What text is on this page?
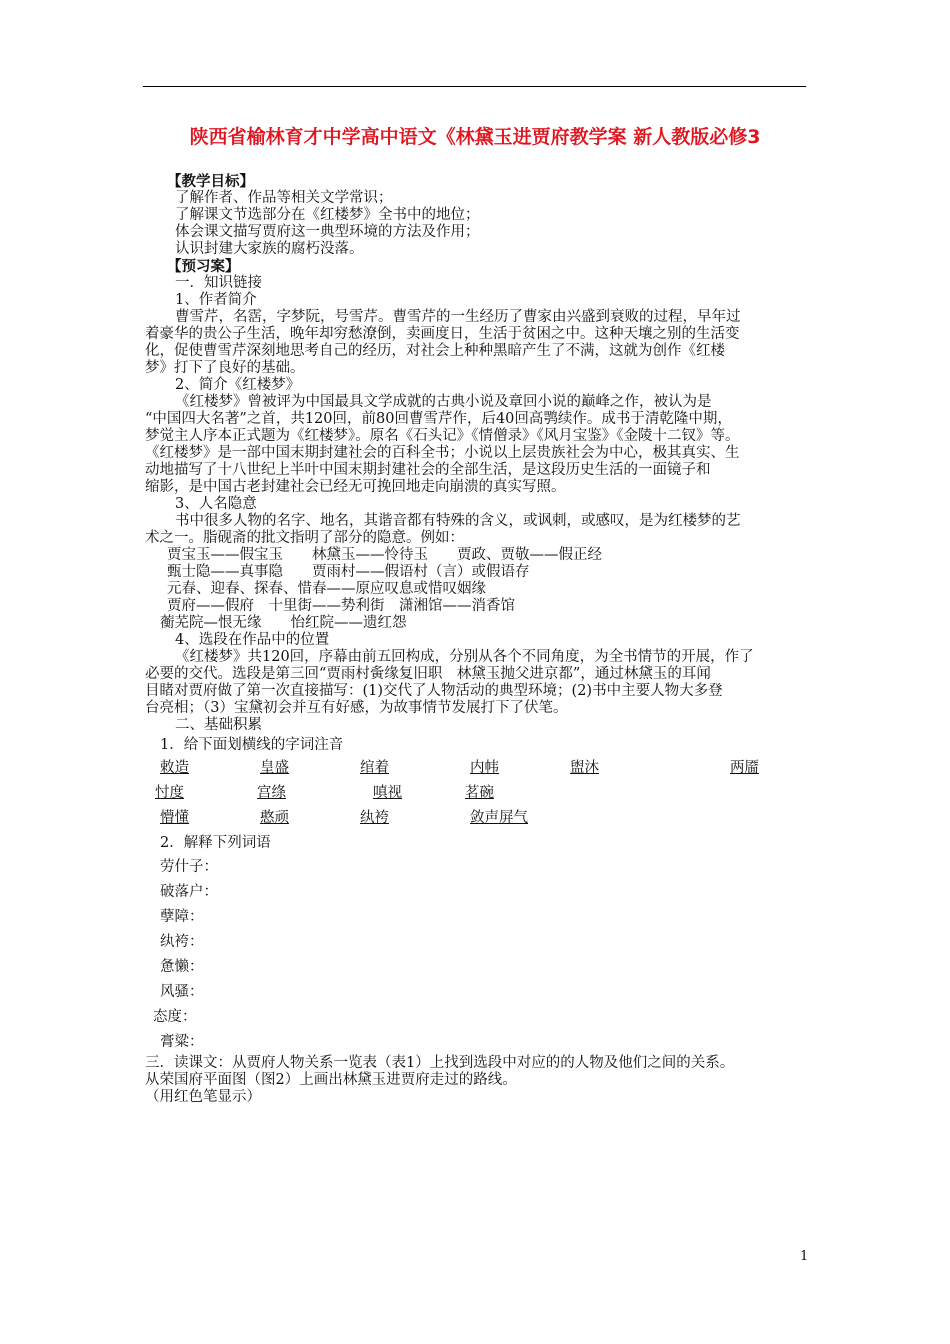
陕西省榆林育才中学高中语文《林黛玉进贾府教学案 新人教版必修3
【教学目标】
了解作者、作品等相关文学常识；
了解课文节选部分在《红楼梦》全书中的地位；
体会课文描写贾府这一典型环境的方法及作用；
认识封建大家族的腐朽没落。
【预习案】
一．知识链接
1、作者简介
曹雪芹，名霑，字梦阮，号雪芹。曹雪芹的一生经历了曹家由兴盛到衰败的过程，早年过
着豪华的贵公子生活，晚年却穷愁潦倒，卖画度日，生活于贫困之中。这种天壤之别的生活变
化，促使曹雪芹深刻地思考自己的经历，对社会上种种黑暗产生了不满，这就为创作《红楼
梦》打下了良好的基础。
2、简介《红楼梦》
《红楼梦》曾被评为中国最具文学成就的古典小说及章回小说的巅峰之作，被认为是
“中国四大名著”之首，共120回，前80回曹雪芹作，后40回高鹗续作。成书于清乾隆中期，
梦觉主人序本正式题为《红楼梦》。原名《石头记》《情僧录》《风月宝鉴》《金陵十二钗》等。
《红楼梦》是一部中国末期封建社会的百科全书；小说以上层贵族社会为中心，极其真实、生
动地描写了十八世纪上半叶中国末期封建社会的全部生活，是这段历史生活的一面镜子和
缩影，是中国古老封建社会已经无可挽回地走向崩溃的真实写照。
3、人名隐意
书中很多人物的名字、地名，其谐音都有特殊的含义，或讽刺，或感叹，是为红楼梦的艺
术之一。脂砚斋的批文指明了部分的隐意。例如：
贾宝玉——假宝玉　　林黛玉——怜待玉　　贾政、贾敬——假正经
甄士隐——真事隐　　贾雨村——假语村（言）或假语存
元春、迎春、探春、惜春——原应叹息或惜叹姻缘
贾府——假府　十里街——势利街　潇湘馆——消香馆
蘅芜院—恨无缘　　怡红院——遗红怨
4、选段在作品中的位置
《红楼梦》共120回，序幕由前五回构成，分别从各个不同角度，为全书情节的开展，作了
必要的交代。选段是第三回“贾雨村夤缘复旧职　林黛玉抛父进京都”，通过林黛玉的耳闻
目睹对贾府做了第一次直接描写：(1)交代了人物活动的典型环境；(2)书中主要人物大多登
台亮相；（3）宝黛初会并互有好感，为故事情节发展打下了伏笔。
二、基础积累
1．给下面划横线的字词注音
敕造	皇盛	绾着	内帏	盥沐	两靥
忖度	宫绦	嗔视	茗碗
懵懂	憨顽	纨袴	敛声屏气
2．解释下列词语
劳什子：
破落户：
孽障：
纨袴：
惫懒：
风骚：
态度：
膏粱：
三．读课文：从贾府人物关系一览表（表1）上找到选段中对应的的人物及他们之间的关系。
从荣国府平面图（图2）上画出林黛玉进贾府走过的路线。
（用红色笔显示）
1
